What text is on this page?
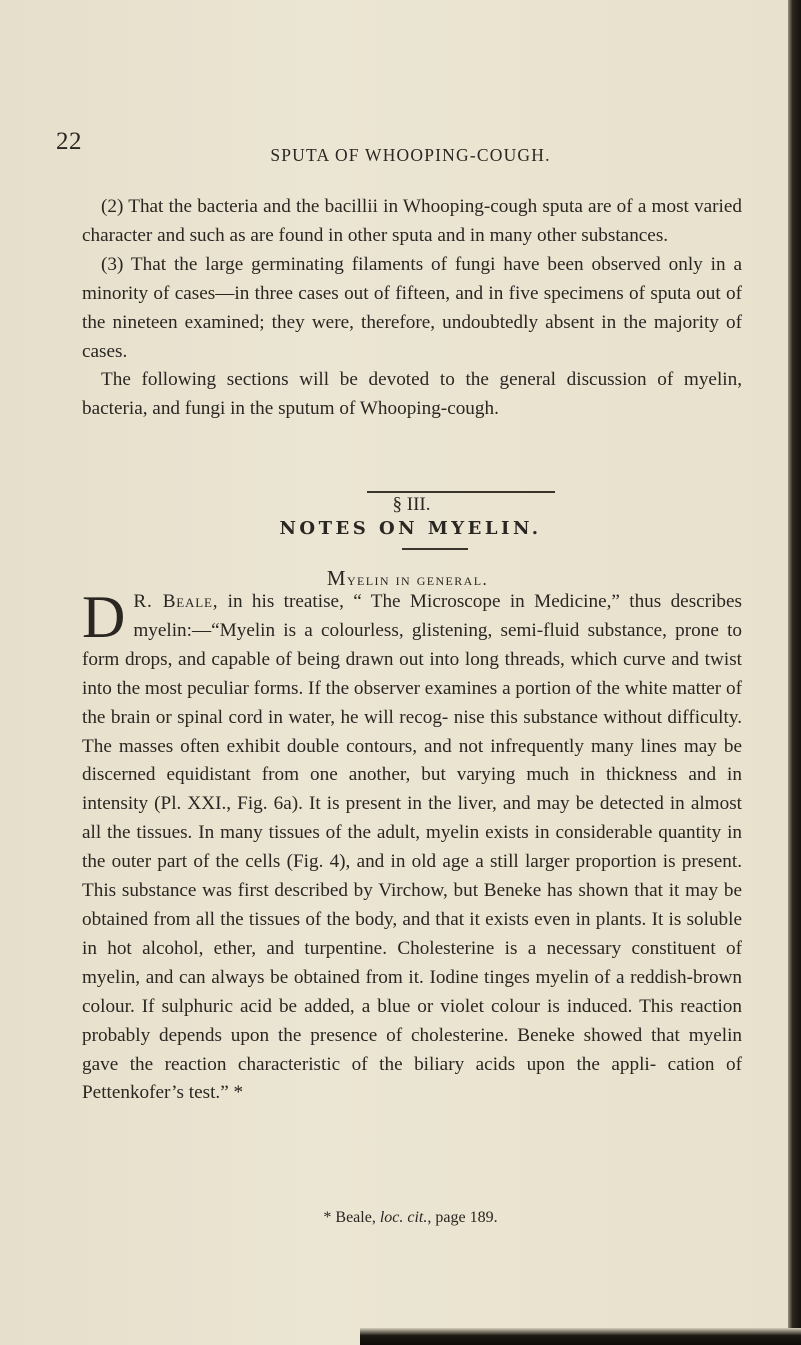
22	SPUTA OF WHOOPING-COUGH.

(2) That the bacteria and the bacillii in Whooping-cough sputa are of a most varied character and such as are found in other sputa and in many other substances.

(3) That the large germinating filaments of fungi have been observed only in a minority of cases—in three cases out of fifteen, and in five specimens of sputa out of the nineteen examined; they were, therefore, undoubtedly absent in the majority of cases.

The following sections will be devoted to the general discussion of myelin, bacteria, and fungi in the sputum of Whooping-cough.

§ III.
NOTES ON MYELIN.
Myelin in general.
D R. Beale, in his treatise, “ The Microscope in Medicine,” thus describes myelin:—“Myelin is a colourless, glistening, semi-fluid substance, prone to form drops, and capable of being drawn out into long threads, which curve and twist into the most peculiar forms. If the observer examines a portion of the white matter of the brain or spinal cord in water, he will recog- nise this substance without difficulty. The masses often exhibit double contours, and not infrequently many lines may be discerned equidistant from one another, but varying much in thickness and in intensity (Pl. XXI., Fig. 6a). It is present in the liver, and may be detected in almost all the tissues. In many tissues of the adult, myelin exists in considerable quantity in the outer part of the cells (Fig. 4), and in old age a still larger proportion is present. This substance was first described by Virchow, but Beneke has shown that it may be obtained from all the tissues of the body, and that it exists even in plants. It is soluble in hot alcohol, ether, and turpentine. Cholesterine is a necessary constituent of myelin, and can always be obtained from it. Iodine tinges myelin of a reddish-brown colour. If sulphuric acid be added, a blue or violet colour is induced. This reaction probably depends upon the presence of cholesterine. Beneke showed that myelin gave the reaction characteristic of the biliary acids upon the appli- cation of Pettenkofer’s test.” *

* Beale, loc. cit., page 189.
